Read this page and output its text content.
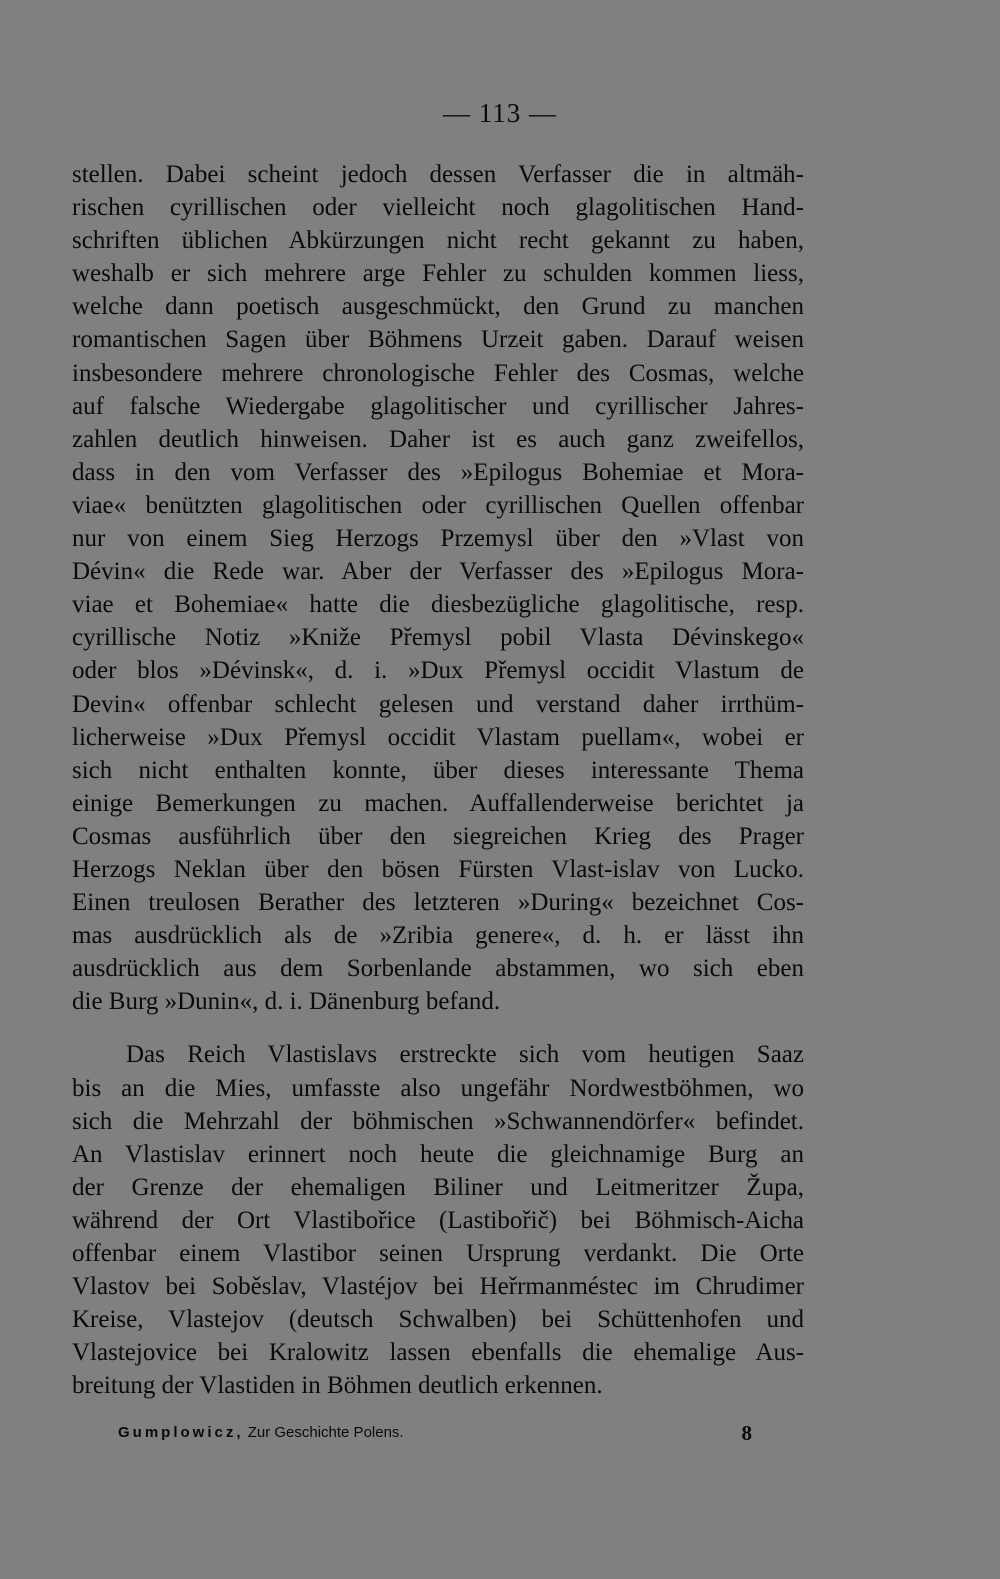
— 113 —
stellen. Dabei scheint jedoch dessen Verfasser die in altmäh-
rischen cyrillischen oder vielleicht noch glagolitischen Hand-
schriften üblichen Abkürzungen nicht recht gekannt zu haben,
weshalb er sich mehrere arge Fehler zu schulden kommen liess,
welche dann poetisch ausgeschmückt, den Grund zu manchen
romantischen Sagen über Böhmens Urzeit gaben. Darauf weisen
insbesondere mehrere chronologische Fehler des Cosmas, welche
auf falsche Wiedergabe glagolitischer und cyrillischer Jahres-
zahlen deutlich hinweisen. Daher ist es auch ganz zweifellos,
dass in den vom Verfasser des »Epilogus Bohemiae et Mora-
viae« benützten glagolitischen oder cyrillischen Quellen offenbar
nur von einem Sieg Herzogs Przemysl über den »Vlast von
Dévin« die Rede war. Aber der Verfasser des »Epilogus Mora-
viae et Bohemiae« hatte die diesbezügliche glagolitische, resp.
cyrillische Notiz »Kniže Přemysl pobil Vlasta Dévinskego«
oder blos »Dévinsk«, d. i. »Dux Přemysl occidit Vlastum de
Devin« offenbar schlecht gelesen und verstand daher irrthüm-
licherweise »Dux Přemysl occidit Vlastam puellam«, wobei er
sich nicht enthalten konnte, über dieses interessante Thema
einige Bemerkungen zu machen. Auffallenderweise berichtet ja
Cosmas ausführlich über den siegreichen Krieg des Prager
Herzogs Neklan über den bösen Fürsten Vlast-islav von Lucko.
Einen treulosen Berather des letzteren »During« bezeichnet Cos-
mas ausdrücklich als de »Zribia genere«, d. h. er lässt ihn
ausdrücklich aus dem Sorbenlande abstammen, wo sich eben
die Burg »Dunin«, d. i. Dänenburg befand.
Das Reich Vlastislavs erstreckte sich vom heutigen Saaz
bis an die Mies, umfasste also ungefähr Nordwestböhmen, wo
sich die Mehrzahl der böhmischen »Schwannendörfer« befindet.
An Vlastislav erinnert noch heute die gleichnamige Burg an
der Grenze der ehemaligen Biliner und Leitmeritzer Župa,
während der Ort Vlastibořice (Lastibořič) bei Böhmisch-Aicha
offenbar einem Vlastibor seinen Ursprung verdankt. Die Orte
Vlastov bei Soběslav, Vlastéjov bei Heřrmanméstec im Chrudimer
Kreise, Vlastejov (deutsch Schwalben) bei Schüttenhofen und
Vlastejovice bei Kralowitz lassen ebenfalls die ehemalige Aus-
breitung der Vlastiden in Böhmen deutlich erkennen.
Gumplowicz, Zur Geschichte Polens.	8
